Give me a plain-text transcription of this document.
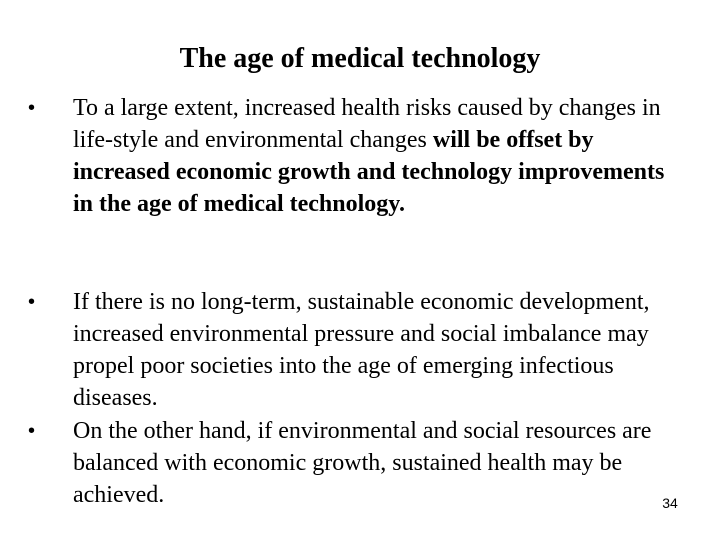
The age of medical technology
• To a large extent, increased health risks caused by changes in life‑style and environmental changes will be offset by increased economic growth and technology improvements in the age of medical technology.
• If there is no long‑term, sustainable economic development, increased environmental pressure and social imbalance may propel poor societies into the age of emerging infectious diseases.
• On the other hand, if environmental and social resources are balanced with economic growth, sustained health may be achieved.	34
